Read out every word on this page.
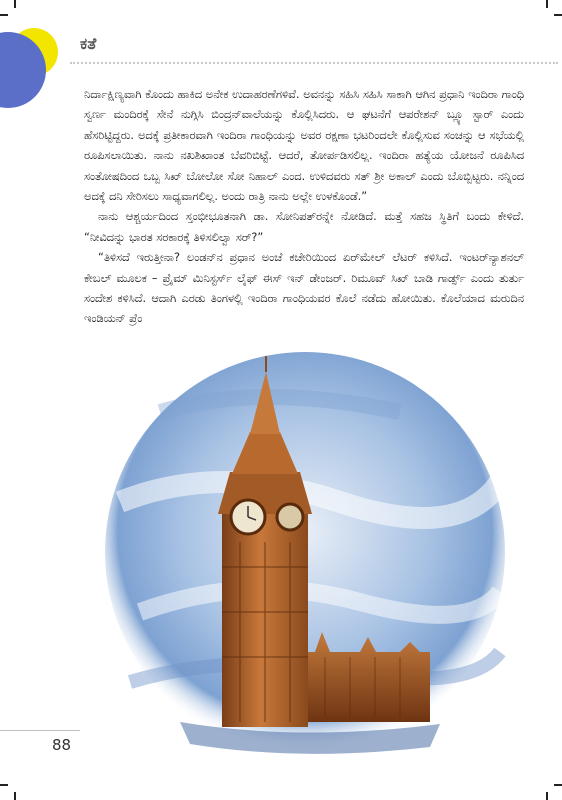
ಕತೆ

ನಿರ್ದಾಕ್ಷಿಣ್ಯವಾಗಿ ಕೊಂದು ಹಾಕಿದ ಅನೇಕ ಉದಾಹರಣೆಗಳಿವೆ. ಅವನನ್ನು ಸಹಿಸಿ ಸಹಿಸಿ ಸಾಕಾಗಿ ಆಗಿನ ಪ್ರಧಾನಿ ಇಂದಿರಾ ಗಾಂಧಿ ಸ್ವರ್ಣ ಮಂದಿರಕ್ಕೆ ಸೇನೆ ನುಗ್ಗಿಸಿ ಬಿಂದ್ರನ್‌ವಾಲೆಯನ್ನು ಕೊಲ್ಲಿಸಿದರು. ಆ ಘಟನೆಗೆ ಆಪರೇಶನ್ ಬ್ಲ್ಯೂ ಸ್ಟಾರ್ ಎಂದು ಹೆಸರಿಟ್ಟಿದ್ದರು. ಅದಕ್ಕೆ ಪ್ರತೀಕಾರವಾಗಿ ಇಂದಿರಾ ಗಾಂಧಿಯನ್ನು ಅವರ ರಕ್ಷಣಾ ಭಟರಿಂದಲೇ ಕೊಲ್ಲಿಸುವ ಸಂಚನ್ನು ಆ ಸಭೆಯಲ್ಲಿ ರೂಪಿಸಲಾಯಿತು. ನಾನು ನಖಶಿಖಾಂತ ಬೆವರಿಬಿಟ್ಟೆ. ಆದರೆ, ತೋರ್ಪಡಿಸಲಿಲ್ಲ. ಇಂದಿರಾ ಹತ್ಯೆಯ ಯೋಜನೆ ರೂಪಿಸಿದ ಸಂತೋಷದಿಂದ ಒಬ್ಬ ಸಿಖ್ ಬೋಲೋ ಸೋ ನಿಹಾಲ್ ಎಂದ. ಉಳಿದವರು ಸತ್ ಶ್ರೀ ಅಕಾಲ್ ಎಂದು ಬೊಬ್ಬಿಟ್ಟರು. ನನ್ನಿಂದ ಅದಕ್ಕೆ ದನಿ ಸೇರಿಸಲು ಸಾಧ್ಯವಾಗಲಿಲ್ಲ. ಅಂದು ರಾತ್ರಿ ನಾನು ಅಲ್ಲೇ ಉಳಕೊಂಡೆ.”

ನಾನು ಆಶ್ಚರ್ಯದಿಂದ ಸ್ತಂಭೀಭೂತನಾಗಿ ಡಾ. ಸೋನಿಪತ್‌ರನ್ನೇ ನೋಡಿದೆ. ಮತ್ತೆ ಸಹಜ ಸ್ಥಿತಿಗೆ ಬಂದು ಕೇಳಿದೆ. “ನೀವಿದನ್ನು ಭಾರತ ಸರಕಾರಕ್ಕೆ ತಿಳಿಸಲಿಲ್ವಾ ಸರ್?”

“ತಿಳಿಸದೆ ಇರುತ್ತೀನಾ? ಲಂಡನ್‌ನ ಪ್ರಧಾನ ಅಂಚೆ ಕಚೇರಿಯಿಂದ ಏರ್‌ಮೇಲ್ ಲೆಟರ್ ಕಳಿಸಿದೆ. ಇಂಟರ್‌ನ್ಯಾಶನಲ್ ಕೇಬಲ್ ಮೂಲಕ – ಪ್ರೈಮ್ ಮಿನಿಸ್ಟರ್ಸ್ ಲೈಫ್ ಈಸ್ ಇನ್ ಡೇಂಜರ್. ರಿಮೂವ್ ಸಿಖ್ ಬಾಡಿ ಗಾರ್ಡ್ಸ್ ಎಂದು ತುರ್ತು ಸಂದೇಶ ಕಳಿಸಿದೆ. ಆದಾಗಿ ಎರಡು ತಿಂಗಳಲ್ಲಿ ಇಂದಿರಾ ಗಾಂಧಿಯವರ ಕೊಲೆ ನಡೆದು ಹೋಯಿತು. ಕೊಲೆಯಾದ ಮರುದಿನ ಇಂಡಿಯನ್ ಪ್ರೆಂ

88
